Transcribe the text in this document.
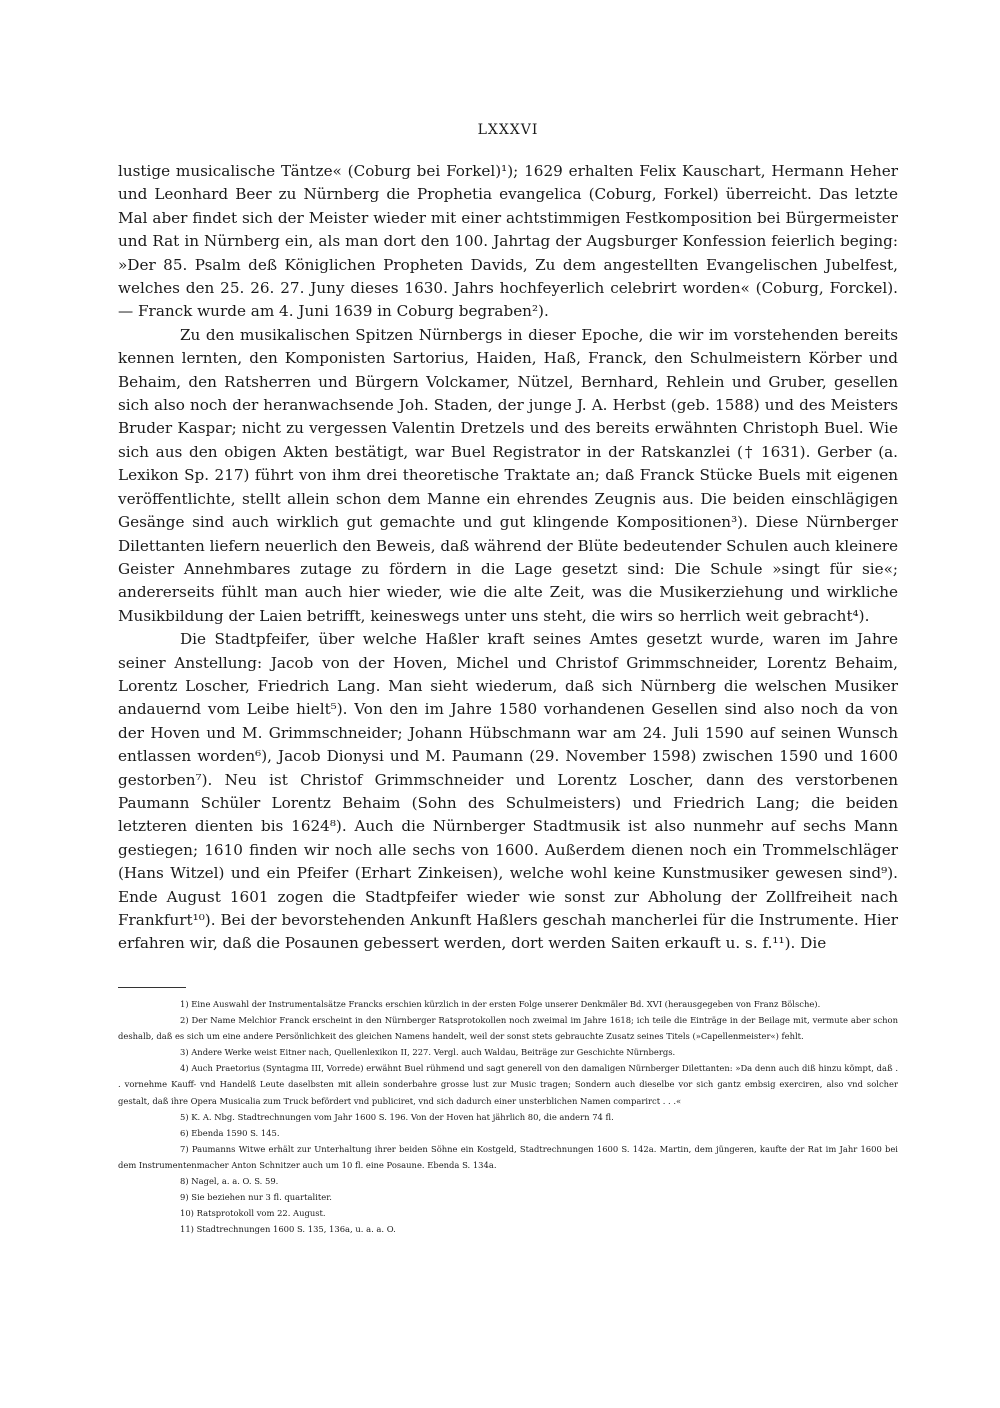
LXXXVI

lustige musicalische Täntze« (Coburg bei Forkel)¹); 1629 erhalten Felix Kauschart, Hermann Heher und Leonhard Beer zu Nürnberg die Prophetia evangelica (Coburg, Forkel) überreicht. Das letzte Mal aber findet sich der Meister wieder mit einer achtstimmigen Festkomposition bei Bürgermeister und Rat in Nürnberg ein, als man dort den 100. Jahrtag der Augsburger Konfession feierlich beging: »Der 85. Psalm deß Königlichen Propheten Davids, Zu dem angestellten Evangelischen Jubelfest, welches den 25. 26. 27. Juny dieses 1630. Jahrs hochfeyerlich celebrirt worden« (Coburg, Forckel). — Franck wurde am 4. Juni 1639 in Coburg begraben²).

Zu den musikalischen Spitzen Nürnbergs in dieser Epoche, die wir im vorstehenden bereits kennen lernten, den Komponisten Sartorius, Haiden, Haß, Franck, den Schulmeistern Körber und Behaim, den Ratsherren und Bürgern Volckamer, Nützel, Bernhard, Rehlein und Gruber, gesellen sich also noch der heranwachsende Joh. Staden, der junge J. A. Herbst (geb. 1588) und des Meisters Bruder Kaspar; nicht zu vergessen Valentin Dretzels und des bereits erwähnten Christoph Buel. Wie sich aus den obigen Akten bestätigt, war Buel Registrator in der Ratskanzlei († 1631). Gerber (a. Lexikon Sp. 217) führt von ihm drei theoretische Traktate an; daß Franck Stücke Buels mit eigenen veröffentlichte, stellt allein schon dem Manne ein ehrendes Zeugnis aus. Die beiden einschlägigen Gesänge sind auch wirklich gut gemachte und gut klingende Kompositionen³). Diese Nürnberger Dilettanten liefern neuerlich den Beweis, daß während der Blüte bedeutender Schulen auch kleinere Geister Annehmbares zutage zu fördern in die Lage gesetzt sind: Die Schule »singt für sie«; andererseits fühlt man auch hier wieder, wie die alte Zeit, was die Musikerziehung und wirkliche Musikbildung der Laien betrifft, keineswegs unter uns steht, die wirs so herrlich weit gebracht⁴).

Die Stadtpfeifer, über welche Haßler kraft seines Amtes gesetzt wurde, waren im Jahre seiner Anstellung: Jacob von der Hoven, Michel und Christof Grimmschneider, Lorentz Behaim, Lorentz Loscher, Friedrich Lang. Man sieht wiederum, daß sich Nürnberg die welschen Musiker andauernd vom Leibe hielt⁵). Von den im Jahre 1580 vorhandenen Gesellen sind also noch da von der Hoven und M. Grimmschneider; Johann Hübschmann war am 24. Juli 1590 auf seinen Wunsch entlassen worden⁶), Jacob Dionysi und M. Paumann (29. November 1598) zwischen 1590 und 1600 gestorben⁷). Neu ist Christof Grimmschneider und Lorentz Loscher, dann des verstorbenen Paumann Schüler Lorentz Behaim (Sohn des Schulmeisters) und Friedrich Lang; die beiden letzteren dienten bis 1624⁸). Auch die Nürnberger Stadtmusik ist also nunmehr auf sechs Mann gestiegen; 1610 finden wir noch alle sechs von 1600. Außerdem dienen noch ein Trommelschläger (Hans Witzel) und ein Pfeifer (Erhart Zinkeisen), welche wohl keine Kunstmusiker gewesen sind⁹). Ende August 1601 zogen die Stadtpfeifer wieder wie sonst zur Abholung der Zollfreiheit nach Frankfurt¹⁰). Bei der bevorstehenden Ankunft Haßlers geschah mancherlei für die Instrumente. Hier erfahren wir, daß die Posaunen gebessert werden, dort werden Saiten erkauft u. s. f.¹¹). Die

1) Eine Auswahl der Instrumentalsätze Francks erschien kürzlich in der ersten Folge unserer Denkmäler Bd. XVI (herausgegeben von Franz Bölsche).

2) Der Name Melchior Franck erscheint in den Nürnberger Ratsprotokollen noch zweimal im Jahre 1618; ich teile die Einträge in der Beilage mit, vermute aber schon deshalb, daß es sich um eine andere Persönlichkeit des gleichen Namens handelt, weil der sonst stets gebrauchte Zusatz seines Titels (»Capellenmeister«) fehlt.

3) Andere Werke weist Eitner nach, Quellenlexikon II, 227. Vergl. auch Waldau, Beiträge zur Geschichte Nürnbergs.

4) Auch Praetorius (Syntagma III, Vorrede) erwähnt Buel rühmend und sagt generell von den damaligen Nürnberger Dilettanten: »Da denn auch diß hinzu kömpt, daß . . vornehme Kauff- vnd Handelß Leute daselbsten mit allein sonderbahre grosse lust zur Music tragen; Sondern auch dieselbe vor sich gantz embsig exerciren, also vnd solcher gestalt, daß ihre Opera Musicalia zum Truck befördert vnd publiciret, vnd sich dadurch einer unsterblichen Namen comparirct . . .«

5) K. A. Nbg. Stadtrechnungen vom Jahr 1600 S. 196. Von der Hoven hat jährlich 80, die andern 74 fl.

6) Ebenda 1590 S. 145.

7) Paumanns Witwe erhält zur Unterhaltung ihrer beiden Söhne ein Kostgeld, Stadtrechnungen 1600 S. 142a. Martin, dem jüngeren, kaufte der Rat im Jahr 1600 bei dem Instrumentenmacher Anton Schnitzer auch um 10 fl. eine Posaune. Ebenda S. 134a.

8) Nagel, a. a. O. S. 59.

9) Sie beziehen nur 3 fl. quartaliter.

10) Ratsprotokoll vom 22. August.

11) Stadtrechnungen 1600 S. 135, 136a, u. a. a. O.
